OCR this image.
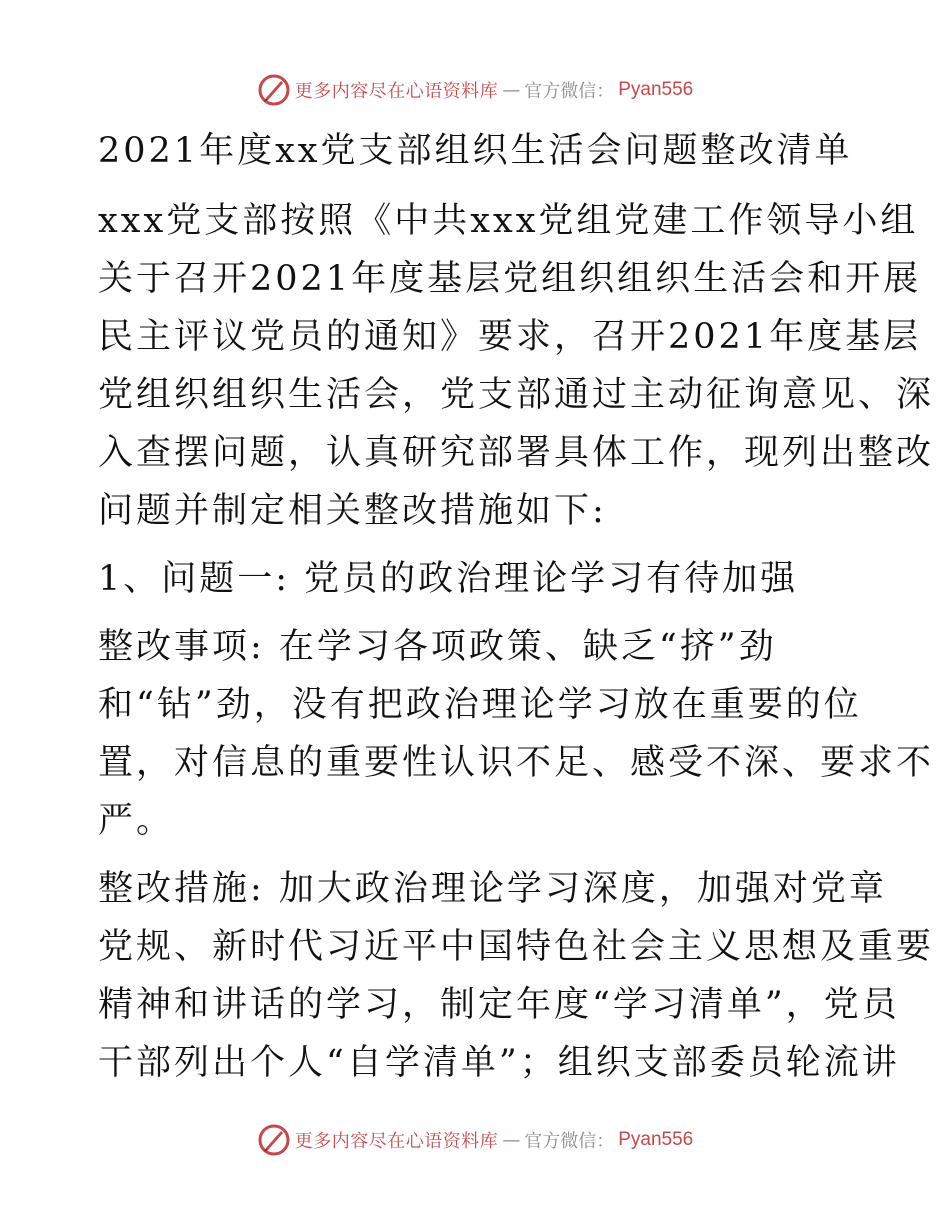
更多内容尽在心语资料库 — 官方微信： Pyan556
2021年度xx党支部组织生活会问题整改清单
xxx党支部按照《中共xxx党组党建工作领导小组
关于召开2021年度基层党组织组织生活会和开展
民主评议党员的通知》要求，召开2021年度基层
党组织组织生活会，党支部通过主动征询意见、深
入查摆问题，认真研究部署具体工作，现列出整改
问题并制定相关整改措施如下:
1、问题一: 党员的政治理论学习有待加强
整改事项: 在学习各项政策、缺乏“挤”劲
和“钻”劲，没有把政治理论学习放在重要的位
置，对信息的重要性认识不足、感受不深、要求不
严。
整改措施: 加大政治理论学习深度，加强对党章
党规、新时代习近平中国特色社会主义思想及重要
精神和讲话的学习，制定年度“学习清单”，党员
干部列出个人“自学清单”；组织支部委员轮流讲
更多内容尽在心语资料库 — 官方微信： Pyan556
